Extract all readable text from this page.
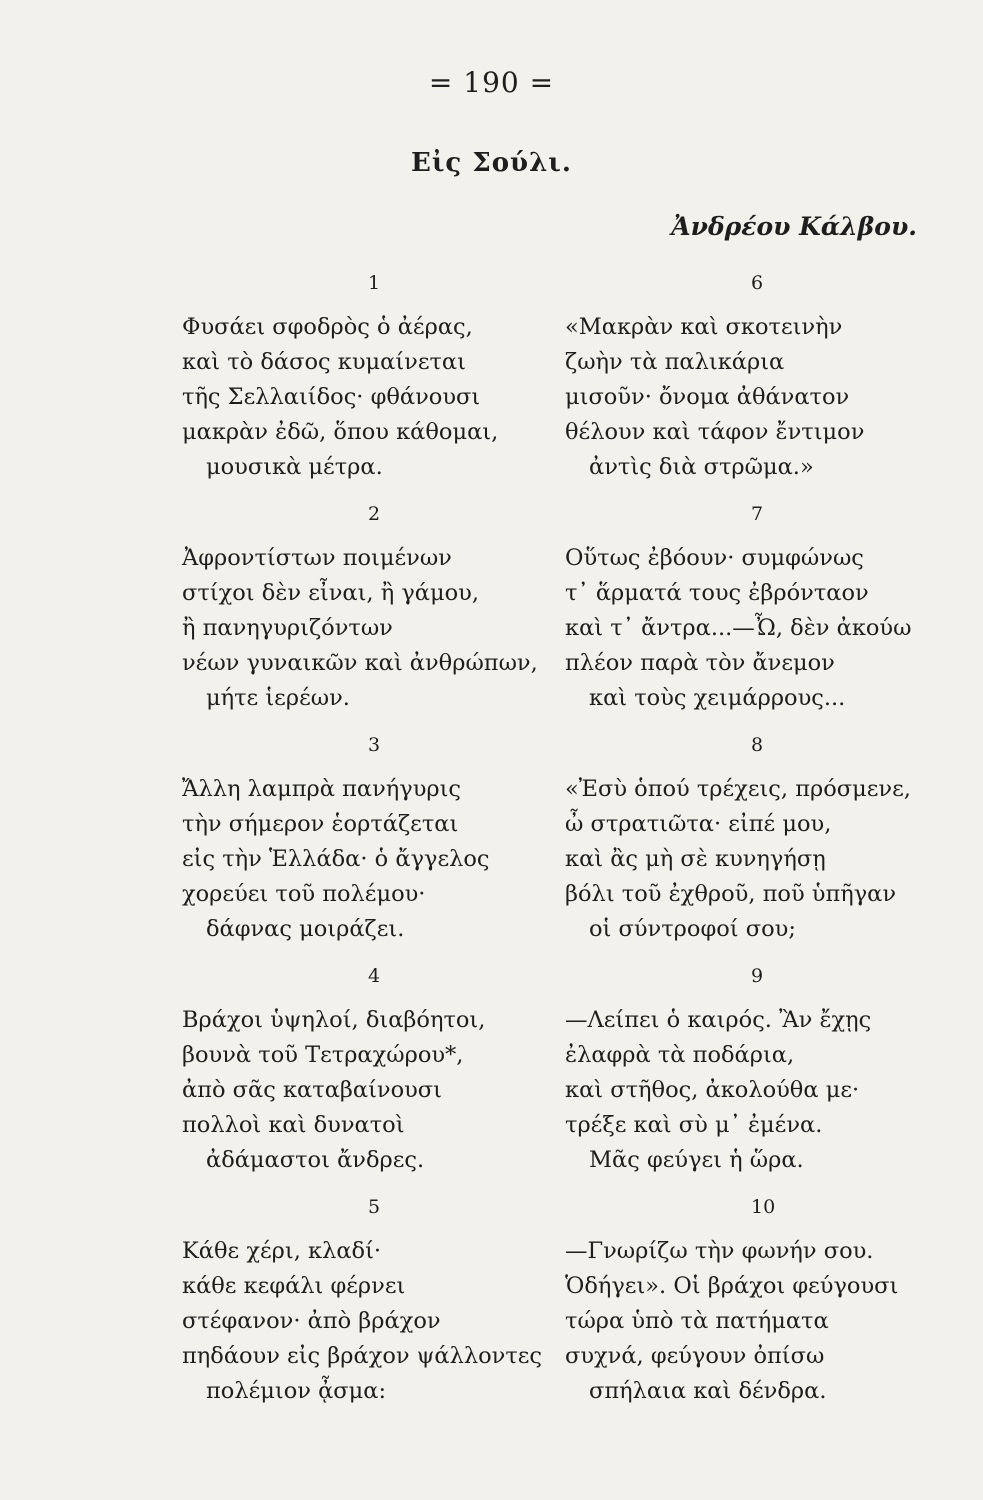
= 190 =
Εἰς Σούλι.
Ἀνδρέου Κάλβου.
1
Φυσάει σφοδρὸς ὁ ἀέρας,
καὶ τὸ δάσος κυμαίνεται
τῆς Σελλαιίδος· φθάνουσι
μακρὰν ἐδῶ, ὅπου κάθομαι,
μουσικὰ μέτρα.
2
Ἀφροντίστων ποιμένων
στίχοι δὲν εἶναι, ἢ γάμου,
ἢ πανηγυριζόντων
νέων γυναικῶν καὶ ἀνθρώπων,
μήτε ἱερέων.
3
Ἄλλη λαμπρὰ πανήγυρις
τὴν σήμερον ἑορτάζεται
εἰς τὴν Ἑλλάδα· ὁ ἄγγελος
χορεύει τοῦ πολέμου·
δάφνας μοιράζει.
4
Βράχοι ὑψηλοί, διαβόητοι,
βουνὰ τοῦ Τετραχώρου*,
ἀπὸ σᾶς καταβαίνουσι
πολλοὶ καὶ δυνατοὶ
ἀδάμαστοι ἄνδρες.
5
Κάθε χέρι, κλαδί·
κάθε κεφάλι φέρνει
στέφανον· ἀπὸ βράχον
πηδάουν εἰς βράχον ψάλλοντες
πολέμιον ᾆσμα:
6
«Μακρὰν καὶ σκοτεινὴν
ζωὴν τὰ παλικάρια
μισοῦν· ὄνομα ἀθάνατον
θέλουν καὶ τάφον ἔντιμον
ἀντὶς διὰ στρῶμα.»
7
Οὕτως ἐβόουν· συμφώνως
τ᾽ ἅρματά τους ἐβρόνταον
καὶ τ᾽ ἄντρα...—Ὦ, δὲν ἀκούω
πλέον παρὰ τὸν ἄνεμον
καὶ τοὺς χειμάρρους...
8
«Ἐσὺ ὁπού τρέχεις, πρόσμενε,
ὦ στρατιῶτα· εἰπέ μου,
καὶ ἂς μὴ σὲ κυνηγήσῃ
βόλι τοῦ ἐχθροῦ, ποῦ ὑπῆγαν
οἱ σύντροφοί σου;
9
—Λείπει ὁ καιρός. Ἂν ἔχῃς
ἐλαφρὰ τὰ ποδάρια,
καὶ στῆθος, ἀκολούθα με·
τρέξε καὶ σὺ μ᾽ ἐμένα.
Μᾶς φεύγει ἡ ὥρα.
10
—Γνωρίζω τὴν φωνήν σου.
Ὁδήγει». Οἱ βράχοι φεύγουσι
τώρα ὑπὸ τὰ πατήματα
συχνά, φεύγουν ὀπίσω
σπήλαια καὶ δένδρα.
